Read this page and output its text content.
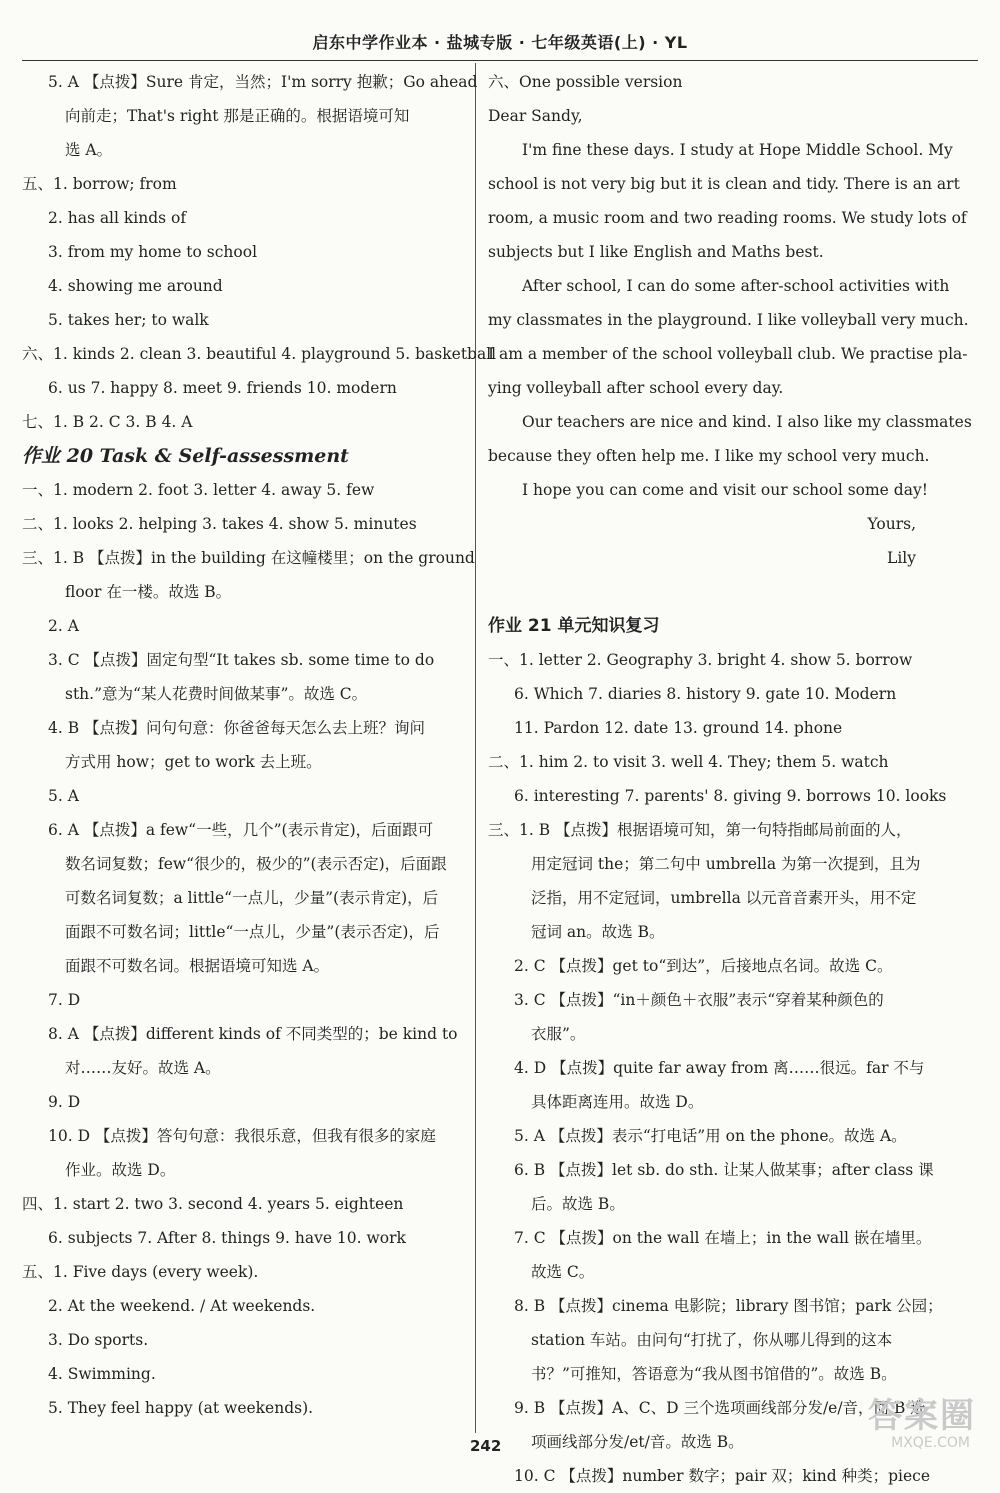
启东中学作业本 · 盐城专版 · 七年级英语(上) · YL
5. A 【点拨】Sure 肯定，当然；I'm sorry 抱歉；Go ahead
向前走；That's right 那是正确的。根据语境可知
选 A。
五、1. borrow; from
2. has all kinds of
3. from my home to school
4. showing me around
5. takes her; to walk
六、1. kinds 2. clean 3. beautiful 4. playground 5. basketball
6. us 7. happy 8. meet 9. friends 10. modern
七、1. B 2. C 3. B 4. A
作业 20 Task & Self-assessment
一、1. modern 2. foot 3. letter 4. away 5. few
二、1. looks 2. helping 3. takes 4. show 5. minutes
三、1. B 【点拨】in the building 在这幢楼里；on the ground
floor 在一楼。故选 B。
2. A
3. C 【点拨】固定句型“It takes sb. some time to do
sth.”意为“某人花费时间做某事”。故选 C。
4. B 【点拨】问句句意：你爸爸每天怎么去上班？询问
方式用 how；get to work 去上班。
5. A
6. A 【点拨】a few“一些，几个”(表示肯定)，后面跟可
数名词复数；few“很少的，极少的”(表示否定)，后面跟
可数名词复数；a little“一点儿，少量”(表示肯定)，后
面跟不可数名词；little“一点儿，少量”(表示否定)，后
面跟不可数名词。根据语境可知选 A。
7. D
8. A 【点拨】different kinds of 不同类型的；be kind to
对……友好。故选 A。
9. D
10. D 【点拨】答句句意：我很乐意，但我有很多的家庭
作业。故选 D。
四、1. start 2. two 3. second 4. years 5. eighteen
6. subjects 7. After 8. things 9. have 10. work
五、1. Five days (every week).
2. At the weekend. / At weekends.
3. Do sports.
4. Swimming.
5. They feel happy (at weekends).
六、One possible version
Dear Sandy,
I'm fine these days. I study at Hope Middle School. My
school is not very big but it is clean and tidy. There is an art
room, a music room and two reading rooms. We study lots of
subjects but I like English and Maths best.
After school, I can do some after-school activities with
my classmates in the playground. I like volleyball very much.
I am a member of the school volleyball club. We practise pla-
ying volleyball after school every day.
Our teachers are nice and kind. I also like my classmates
because they often help me. I like my school very much.
I hope you can come and visit our school some day!
Yours,
Lily
作业 21 单元知识复习
一、1. letter 2. Geography 3. bright 4. show 5. borrow
6. Which 7. diaries 8. history 9. gate 10. Modern
11. Pardon 12. date 13. ground 14. phone
二、1. him 2. to visit 3. well 4. They; them 5. watch
6. interesting 7. parents' 8. giving 9. borrows 10. looks
三、1. B 【点拨】根据语境可知，第一句特指邮局前面的人，
用定冠词 the；第二句中 umbrella 为第一次提到，且为
泛指，用不定冠词，umbrella 以元音音素开头，用不定
冠词 an。故选 B。
2. C 【点拨】get to“到达”，后接地点名词。故选 C。
3. C 【点拨】“in＋颜色＋衣服”表示“穿着某种颜色的
衣服”。
4. D 【点拨】quite far away from 离……很远。far 不与
具体距离连用。故选 D。
5. A 【点拨】表示“打电话”用 on the phone。故选 A。
6. B 【点拨】let sb. do sth. 让某人做某事；after class 课
后。故选 B。
7. C 【点拨】on the wall 在墙上；in the wall 嵌在墙里。
故选 C。
8. B 【点拨】cinema 电影院；library 图书馆；park 公园；
station 车站。由问句“打扰了，你从哪儿得到的这本
书？”可推知，答语意为“我从图书馆借的”。故选 B。
9. B 【点拨】A、C、D 三个选项画线部分发/e/音，而 B 选
项画线部分发/et/音。故选 B。
10. C 【点拨】number 数字；pair 双；kind 种类；piece
242
答案圈
MXQE.COM
